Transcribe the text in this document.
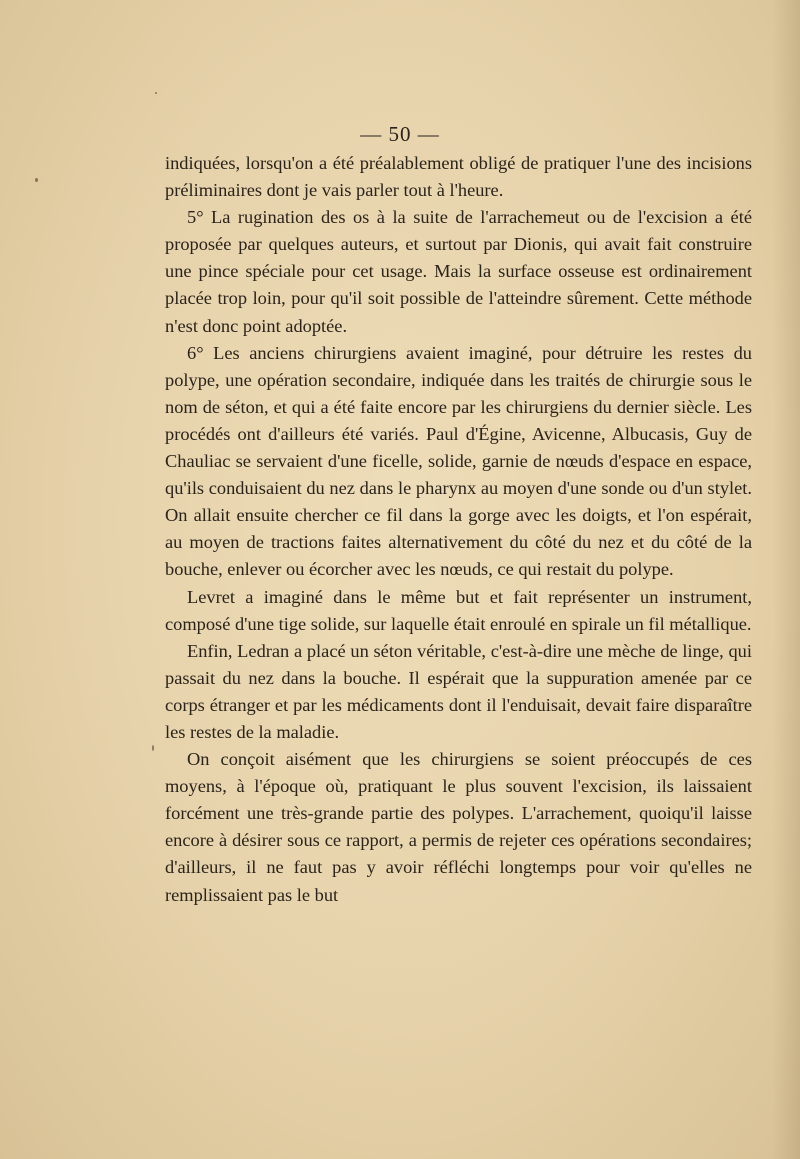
— 50 —

indiquées, lorsqu'on a été préalablement obligé de pratiquer l'une des incisions préliminaires dont je vais parler tout à l'heure.

5° La rugination des os à la suite de l'arrachemeut ou de l'excision a été proposée par quelques auteurs, et surtout par Dionis, qui avait fait construire une pince spéciale pour cet usage. Mais la surface osseuse est ordinairement placée trop loin, pour qu'il soit possible de l'atteindre sûrement. Cette méthode n'est donc point adoptée.

6° Les anciens chirurgiens avaient imaginé, pour détruire les restes du polype, une opération secondaire, indiquée dans les traités de chirurgie sous le nom de séton, et qui a été faite encore par les chirurgiens du dernier siècle. Les procédés ont d'ailleurs été variés. Paul d'Égine, Avicenne, Albucasis, Guy de Chauliac se servaient d'une ficelle, solide, garnie de nœuds d'espace en espace, qu'ils conduisaient du nez dans le pharynx au moyen d'une sonde ou d'un stylet. On allait ensuite chercher ce fil dans la gorge avec les doigts, et l'on espérait, au moyen de tractions faites alternativement du côté du nez et du côté de la bouche, enlever ou écorcher avec les nœuds, ce qui restait du polype.

Levret a imaginé dans le même but et fait représenter un instrument, composé d'une tige solide, sur laquelle était enroulé en spirale un fil métallique.

Enfin, Ledran a placé un séton véritable, c'est-à-dire une mèche de linge, qui passait du nez dans la bouche. Il espérait que la suppuration amenée par ce corps étranger et par les médicaments dont il l'enduisait, devait faire disparaître les restes de la maladie.

On conçoit aisément que les chirurgiens se soient préoccupés de ces moyens, à l'époque où, pratiquant le plus souvent l'excision, ils laissaient forcément une très-grande partie des polypes. L'arrachement, quoiqu'il laisse encore à désirer sous ce rapport, a permis de rejeter ces opérations secondaires; d'ailleurs, il ne faut pas y avoir réfléchi longtemps pour voir qu'elles ne remplissaient pas le but
